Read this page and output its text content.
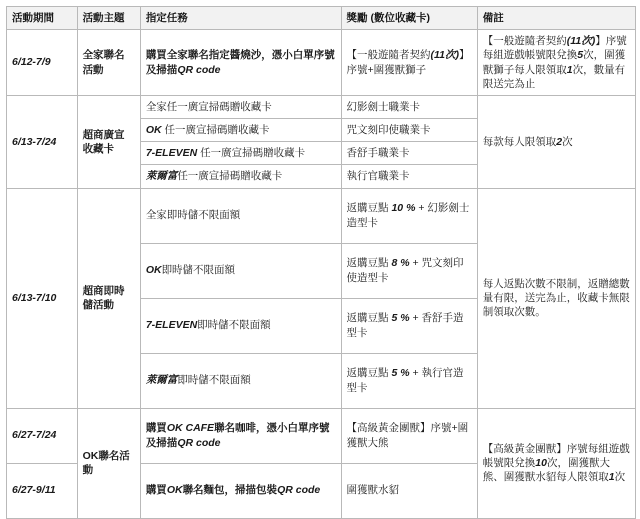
活動期間	活動主題	指定任務	獎勵 (數位收藏卡)	備註
6/12-7/9	全家聯名活動	購買全家聯名指定醬燒沙，憑小白單序號及掃描QR code	【一般遊隨者契約(11次)】序號+圍獲獸獅子	【一般遊隨者契約(11次)】序號每組遊戲帳號限兌換5次，圍獲獸獅子每人限領取1次，數量有限送完為止
6/13-7/24	超商廣宣收藏卡	全家任一廣宣掃碼贈收藏卡	幻影劍士職業卡	每款每人限領取2次
		OK 任一廣宣掃碼贈收藏卡	咒文刻印使職業卡	
		7-ELEVEN 任一廣宣掃碼贈收藏卡	香舒手職業卡	
		萊爾富任一廣宣掃碼贈收藏卡	執行官職業卡	
6/13-7/10	超商即時儲活動	全家即時儲不限面額	返購豆點 10 % + 幻影劍士造型卡	每人返點次數不限制，返贈總數量有限，送完為止，收藏卡無限制領取次數。
		OK即時儲不限面額	返購豆點 8 % + 咒文刻印使造型卡	
		7-ELEVEN即時儲不限面額	返購豆點 5 % + 香舒手造型卡	
		萊爾富即時儲不限面額	返購豆點 5 % + 執行官造型卡	
6/27-7/24	OK聯名活動	購買OK CAFE聯名咖啡，憑小白單序號及掃描QR code	【高級黃金團獸】序號+圍獲獸大熊	【高級黃金團獸】序號每組遊戲帳號限兌換10次，圍獲獸大熊、圍獲獸水貂每人限領取1次
6/27-9/11		購買OK聯名麵包，掃描包裝QR code	圍獲獸水貂	
